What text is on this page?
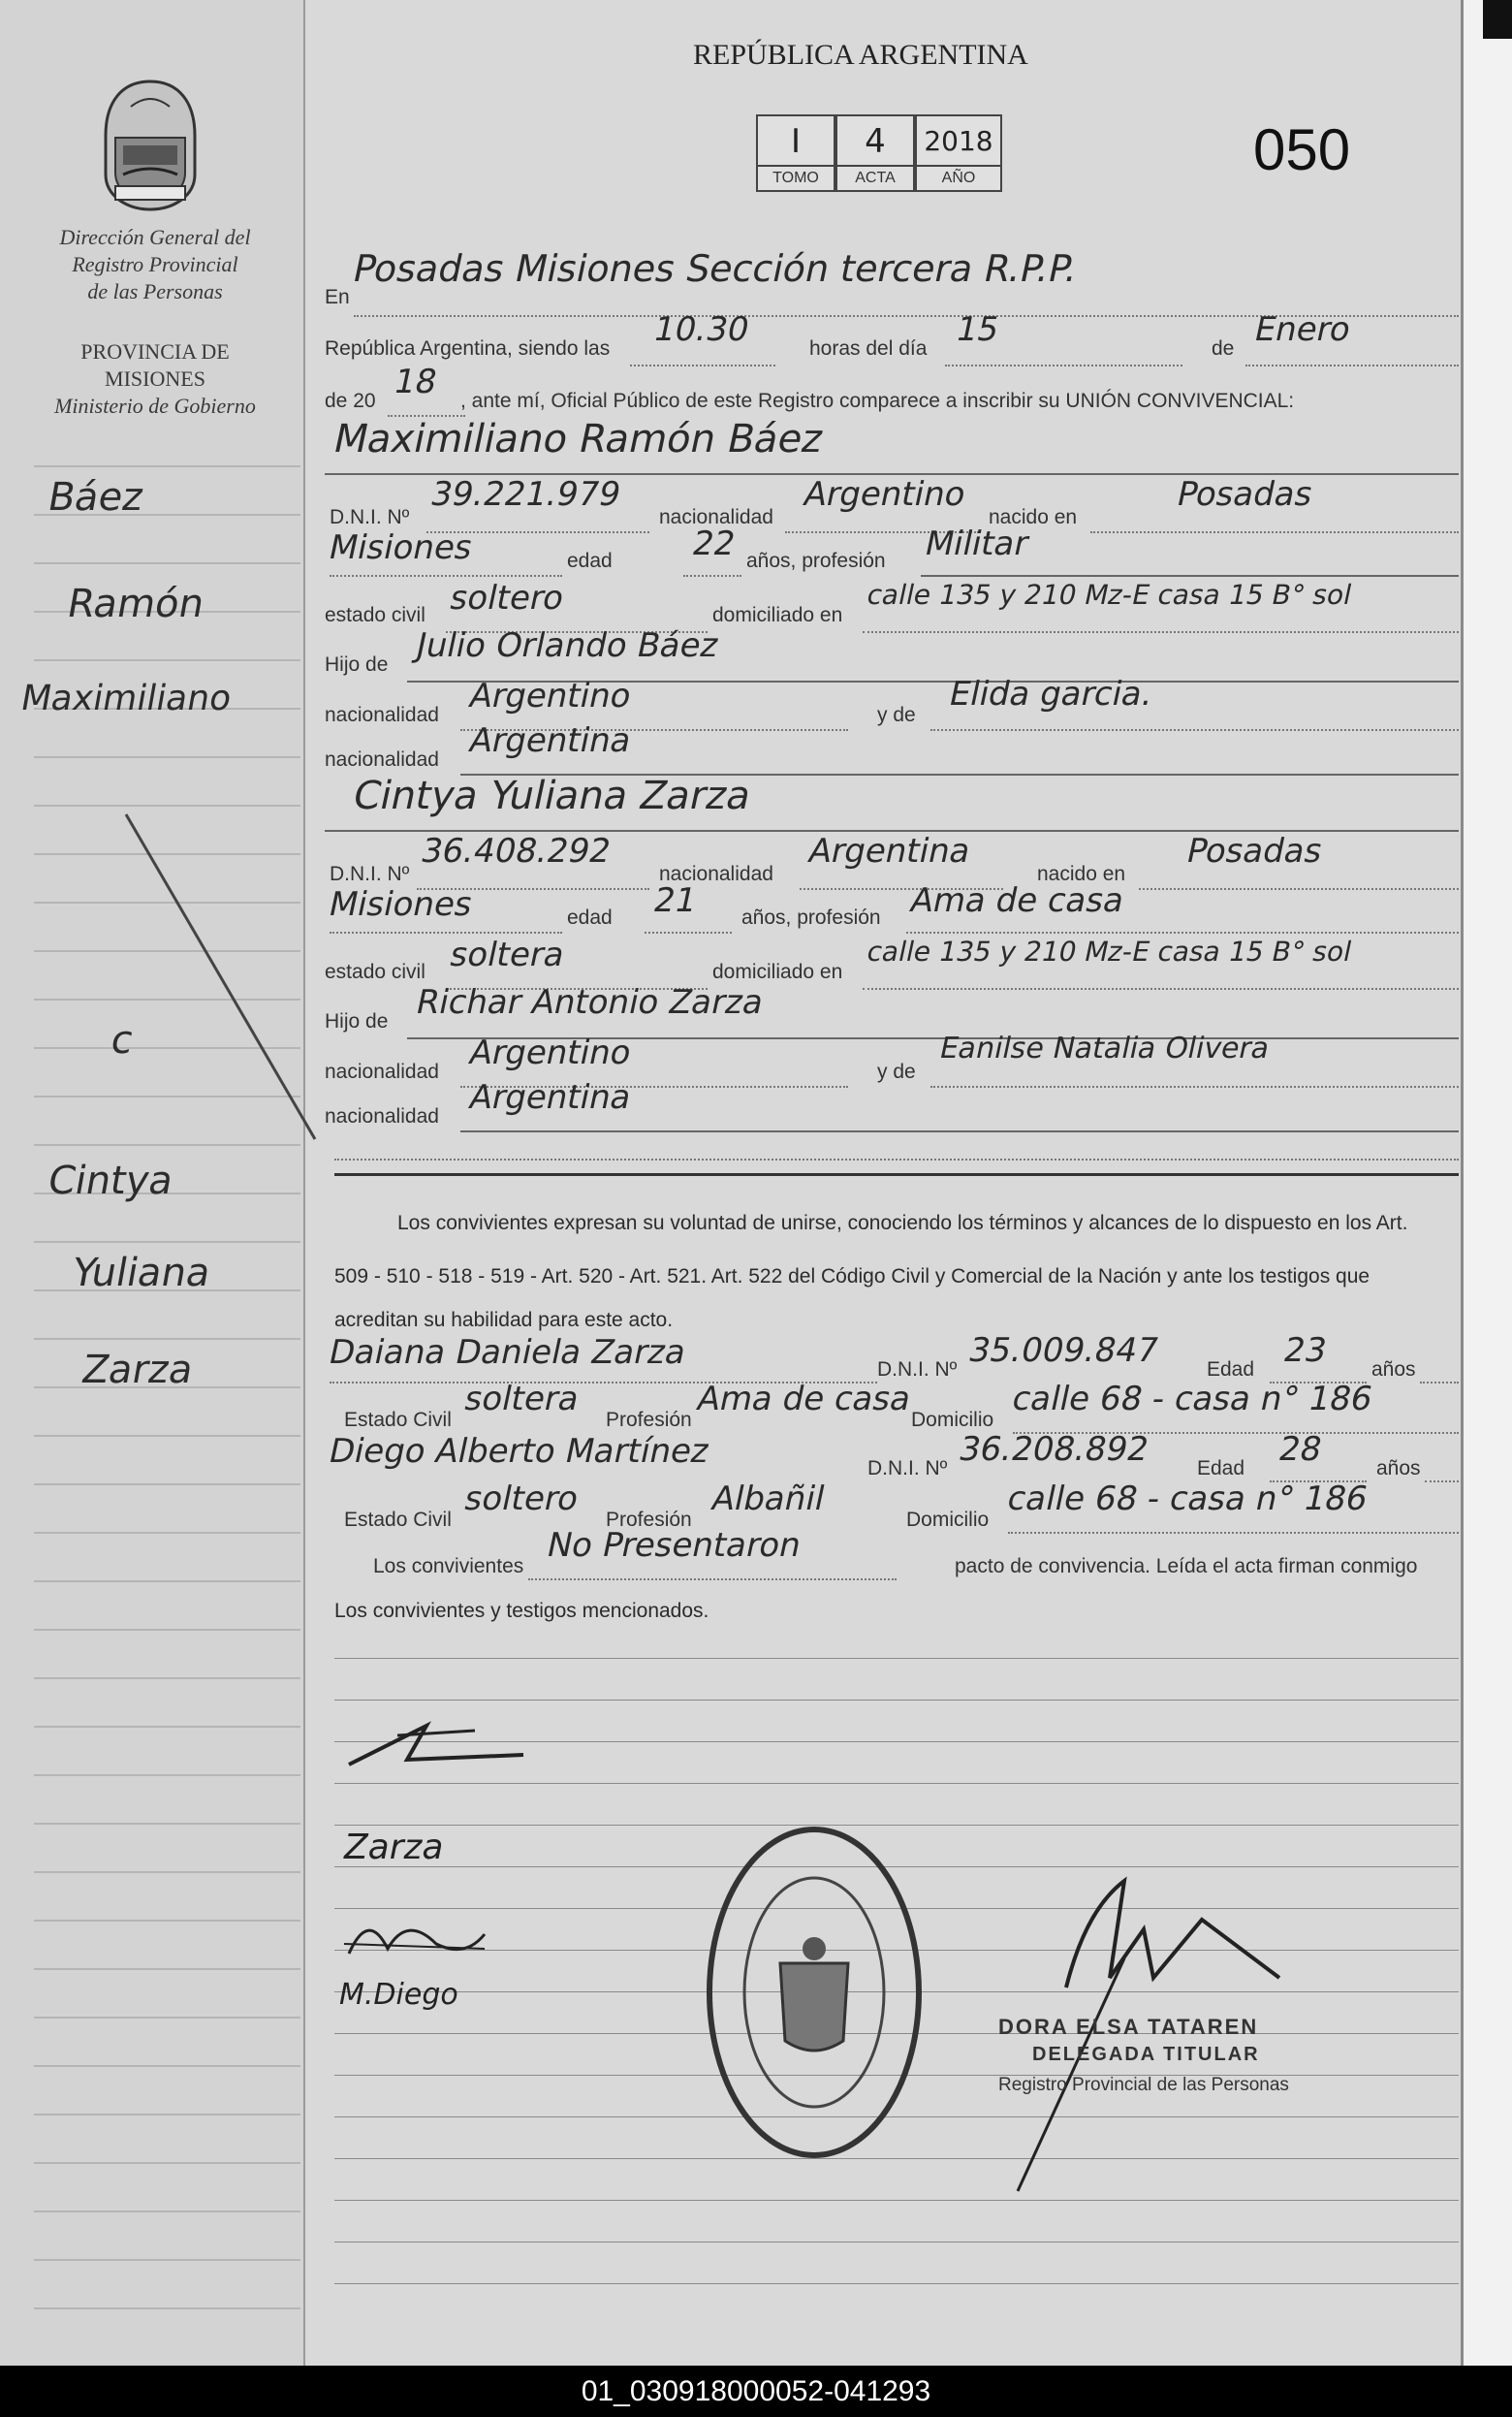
Dirección General del
Registro Provincial
de las Personas
PROVINCIA DE
MISIONES
Ministerio de Gobierno
Báez
Ramón
Maximiliano
c
Cintya
Yuliana
Zarza
REPÚBLICA ARGENTINA
I
TOMO
4
ACTA
2018
AÑO	050
En
Posadas Misiones Sección tercera R.P.P.
República Argentina, siendo las 10.30	horas del día 15	de Enero
de 20 18 , ante mí, Oficial Público de este Registro comparece a inscribir su UNIÓN CONVIVENCIAL:
Maximiliano Ramón Báez
D.N.I. Nº
39.221.979
nacionalidad
Argentino
nacido en
Posadas
Misiones	edad 22 años, profesión Militar
estado civil soltero	domiciliado en
calle 135 y 210 Mz-E casa 15 B° sol
Hijo de Julio Orlando Báez
nacionalidad Argentino	y de
Elida garcia.
nacionalidad Argentina
Cintya Yuliana Zarza
D.N.I. Nº
36.408.292
nacionalidad
Argentina
nacido en
Posadas
Misiones	edad 21 años, profesión Ama de casa
estado civil soltera	domiciliado en
calle 135 y 210 Mz-E casa 15 B° sol
Hijo de Richar Antonio Zarza
nacionalidad Argentino	y de
Eanilse Natalia Olivera
nacionalidad Argentina
Los convivientes expresan su voluntad de unirse, conociendo los términos y alcances de lo dispuesto en los Art.
509 - 510 - 518 - 519 - Art. 520 - Art. 521. Art. 522 del Código Civil y Comercial de la Nación y ante los testigos que
acreditan su habilidad para este acto.
Daiana Daniela Zarza	D.N.I. Nº 35.009.847 Edad 23 años
Estado Civil
soltera
Profesión
Ama de casa
Domicilio
calle 68 - casa n° 186
Diego Alberto Martínez	D.N.I. Nº 36.208.892 Edad 28 años
Estado Civil
soltero
Profesión
Albañil
Domicilio
calle 68 - casa n° 186
Los convivientes
No Presentaron
pacto de convivencia. Leída el acta firman conmigo
Los convivientes y testigos mencionados.
Zarza
M.Diego
DORA ELSA TATAREN
DELEGADA TITULAR
Registro Provincial de las Personas
01_030918000052-041293
